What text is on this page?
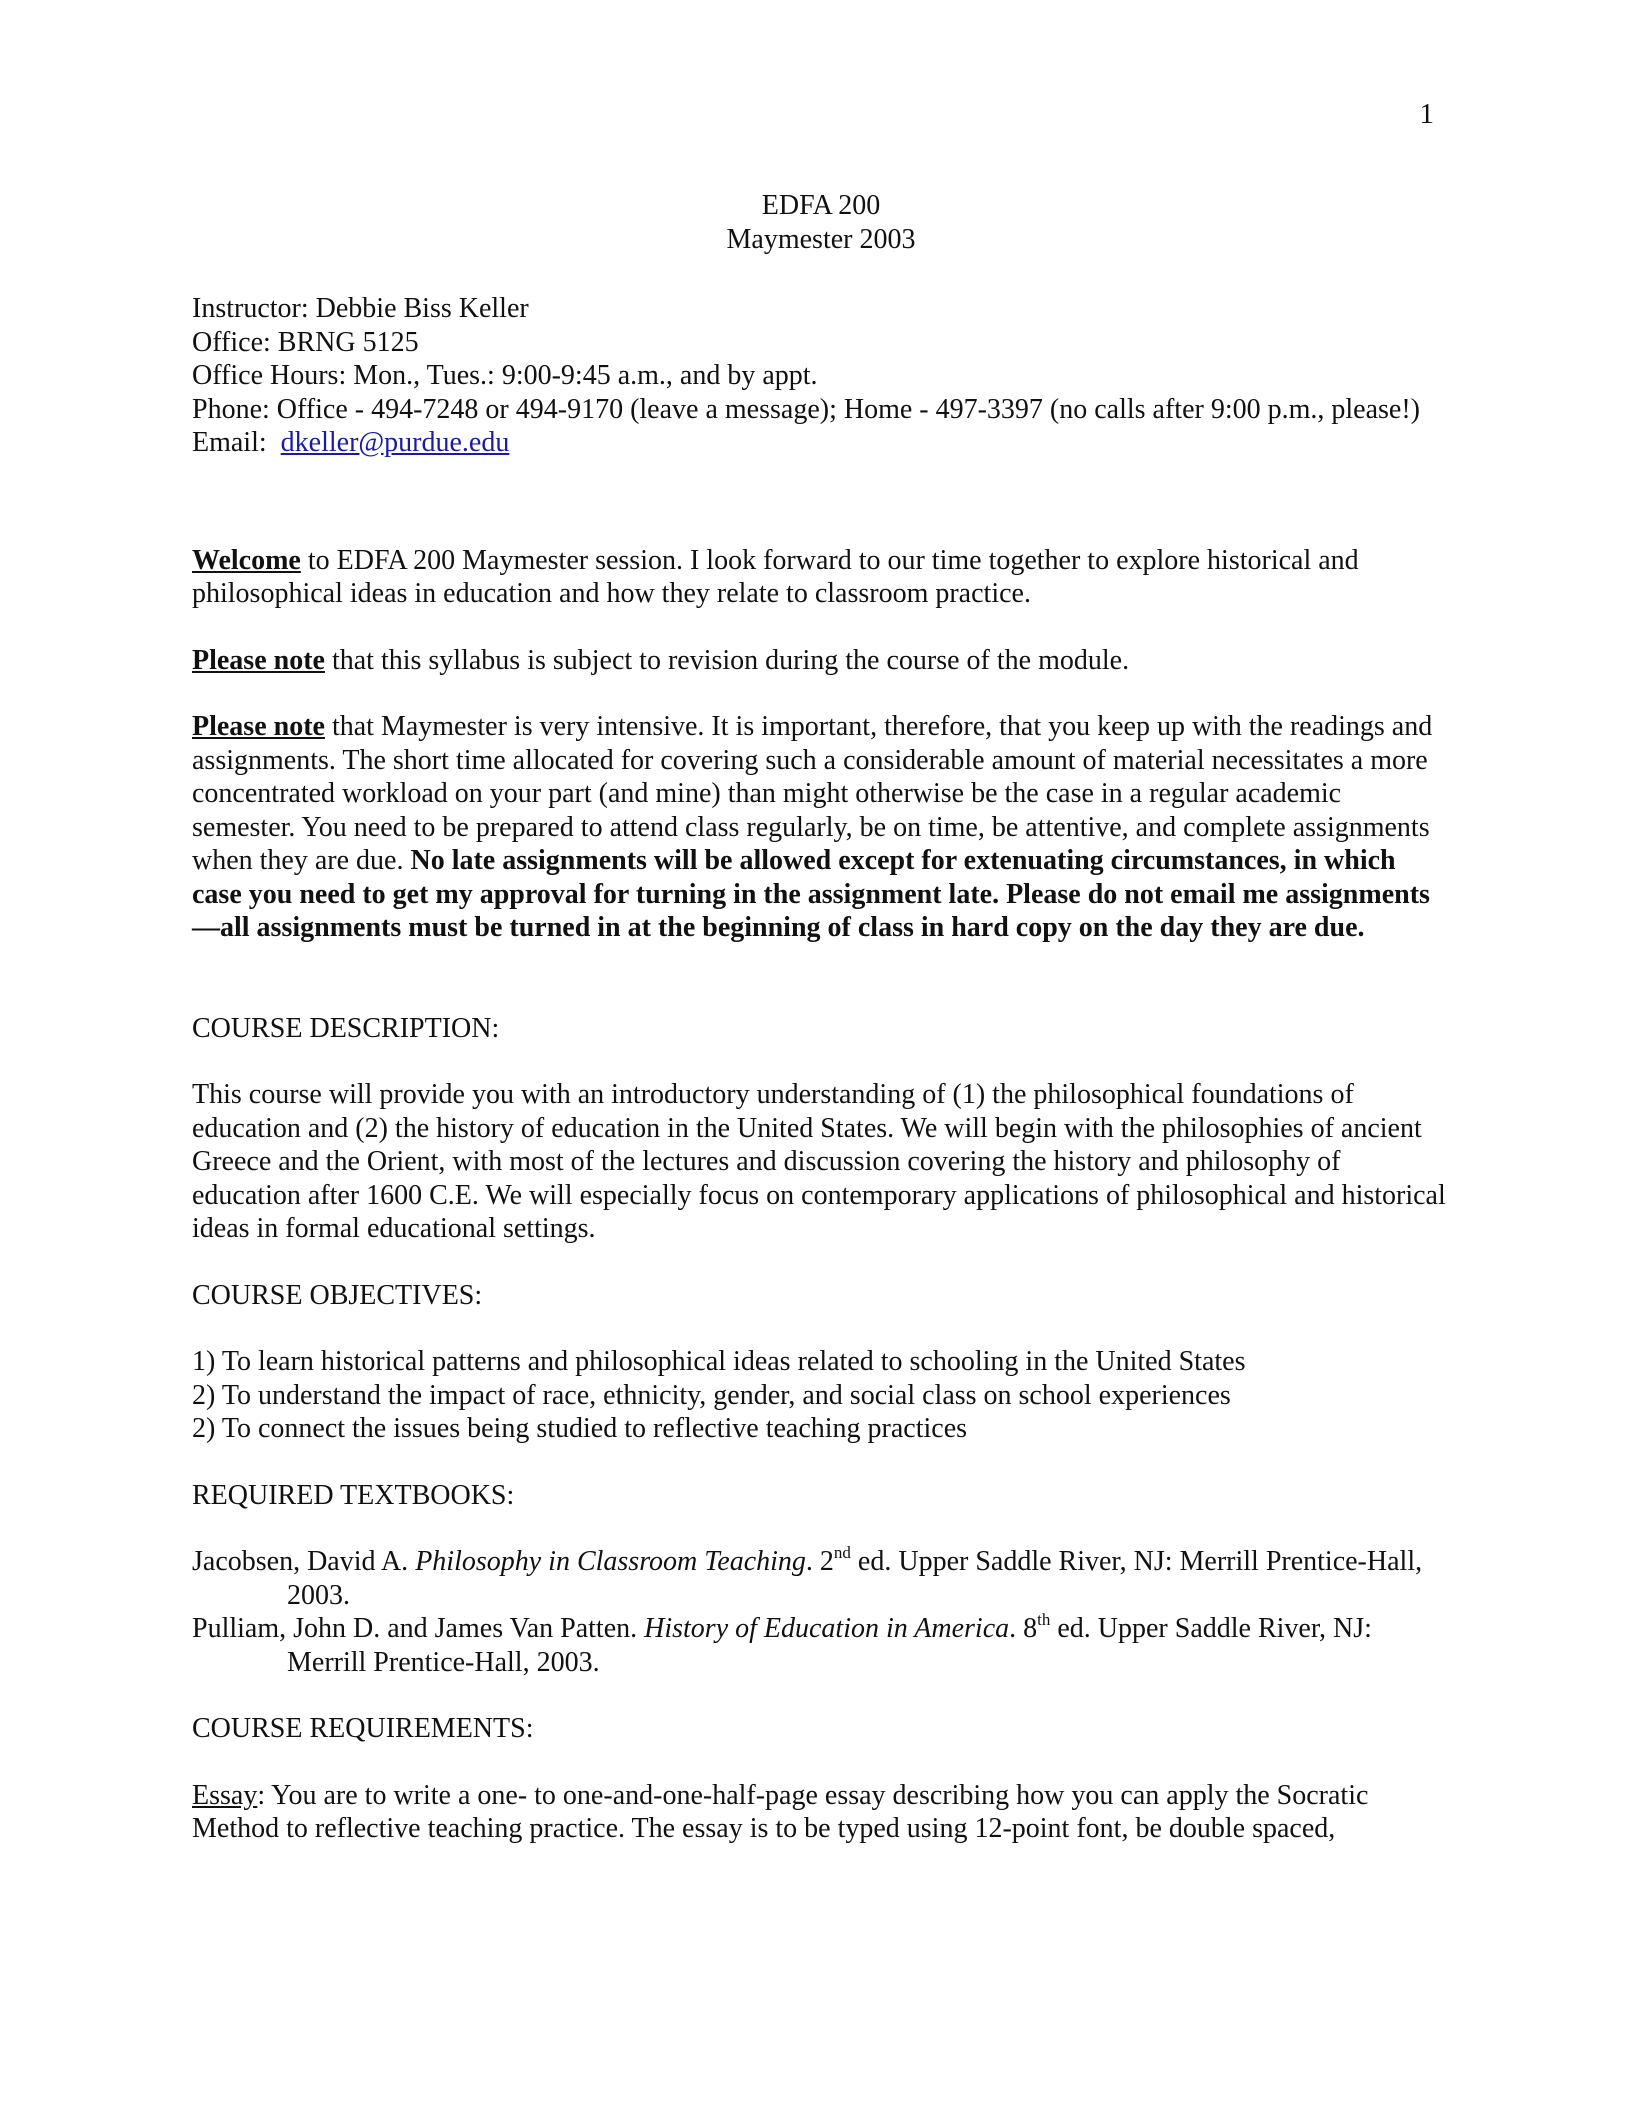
1
EDFA 200
Maymester 2003

Instructor: Debbie Biss Keller

Office: BRNG 5125

Office Hours: Mon., Tues.: 9:00-9:45 a.m., and by appt.

Phone: Office - 494-7248 or 494-9170 (leave a message); Home - 497-3397 (no calls after 9:00 p.m., please!)

Email: dkeller@purdue.edu

Welcome to EDFA 200 Maymester session. I look forward to our time together to explore historical and philosophical ideas in education and how they relate to classroom practice.

Please note that this syllabus is subject to revision during the course of the module.

Please note that Maymester is very intensive. It is important, therefore, that you keep up with the readings and assignments. The short time allocated for covering such a considerable amount of material necessitates a more concentrated workload on your part (and mine) than might otherwise be the case in a regular academic semester. You need to be prepared to attend class regularly, be on time, be attentive, and complete assignments when they are due. No late assignments will be allowed except for extenuating circumstances, in which case you need to get my approval for turning in the assignment late. Please do not email me assignments—all assignments must be turned in at the beginning of class in hard copy on the day they are due.

COURSE DESCRIPTION:

This course will provide you with an introductory understanding of (1) the philosophical foundations of education and (2) the history of education in the United States. We will begin with the philosophies of ancient Greece and the Orient, with most of the lectures and discussion covering the history and philosophy of education after 1600 C.E. We will especially focus on contemporary applications of philosophical and historical ideas in formal educational settings.

COURSE OBJECTIVES:

1) To learn historical patterns and philosophical ideas related to schooling in the United States

2) To understand the impact of race, ethnicity, gender, and social class on school experiences

2) To connect the issues being studied to reflective teaching practices

REQUIRED TEXTBOOKS:

Jacobsen, David A. Philosophy in Classroom Teaching. 2nd ed. Upper Saddle River, NJ: Merrill Prentice-Hall, 2003.

Pulliam, John D. and James Van Patten. History of Education in America. 8th ed. Upper Saddle River, NJ: Merrill Prentice-Hall, 2003.

COURSE REQUIREMENTS:

Essay: You are to write a one- to one-and-one-half-page essay describing how you can apply the Socratic Method to reflective teaching practice. The essay is to be typed using 12-point font, be double spaced,
